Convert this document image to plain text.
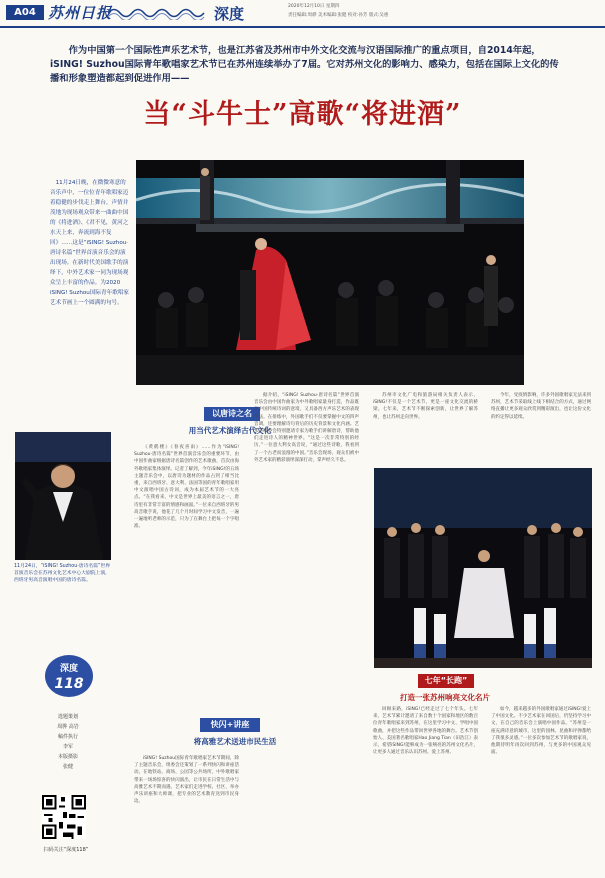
A04 苏州日报	深度	2020年12月10日 星期四
责任编辑:周骅 美术编辑:张健 校对:孙芳 版式:吴惠
作为中国第一个国际性声乐艺术节，也是江苏省及苏州市中外文化交流与汉语国际推广的重点项目，自2014年起，iSING! Suzhou国际青年歌唱家艺术节已在苏州连续举办了7届。它对苏州文化的影响力、感染力，包括在国际上文化的传播和形象塑造都起到促进作用——
当“斗牛士”高歌“将进酒”
11月24日晚，在微微寒意的音乐声中，一位位青年歌唱家迈着稳健的步伐走上舞台，声情并茂地为现场观众带来一曲曲中国的《将进酒》、《君不见，黄河之水天上来，奔流到海不复回》……这是“iSING! Suzhou·唐诗名篇”世界首演音乐会的演出现场。在新时代美国歌手的演绎下，中外艺术家一同为现场观众呈上丰富的作品。为2020 iSING! Suzhou国际青年歌唱家艺术节画上一个圆满的句号。
11月24日，“iSING! Suzhou·唐诗名篇”世界首演音乐会在苏州文化艺术中心大剧院上演，西班牙男高音演唱中国的唐诗名篇。
深度
118
选题策划
周骅 高岩
稿件执行
李军
本版摄影
张健
扫码关注“深度118”
以唐诗之名
用当代艺术演绎古代文化
快闪+讲座
将高雅艺术送进市民生活
七年“长跑”
打造一张苏州响亮文化名片

《黄鹤楼》《春夜喜雨》……作为“iSING! Suzhou·唐诗名篇”世界首演音乐会的重要环节，由中国作曲家根据唐诗名篇创作的艺术歌曲，首次由海外歌唱家集体演绎。记者了解到，今年iSING!的五场主题音乐会中，以唐诗为题材的作品占到了相当比重，来自西班牙、意大利、法国等国的青年歌唱家用中文演唱中国古诗词，成为本届艺术节的一大亮点。“在我看来，中文是世界上最美的语言之一，唐诗里有非常丰富的情感和画面。”一位来自西班牙的男高音歌手说，他花了几个月时间学习中文发音，一遍一遍地听老师的示范，只为了在舞台上把每一个字唱准。

据介绍，“iSING! Suzhou·唐诗名篇”世界首演音乐会由中国作曲家为中外歌唱家量身打造，作品既有中国传统诗词的意境，又具备西方声乐艺术的表现手法。在排练中，外国歌手们不仅要掌握中文的四声音调，还要理解诗句背后的历史背景和文化内涵。艺术节组委会特别邀请专家为歌手们讲解唐诗，帮助他们走进诗人的精神世界。“这是一次非常特别的经历，”一位意大利女高音说，“通过这些诗歌，我看到了一个古老而浪漫的中国。”音乐会现场，观众们被中外艺术家的精彩演绎深深打动，掌声经久不息。

苏州市文化广电和旅游局相关负责人表示，iSING!不仅是一个艺术节，更是一座文化交流的桥梁。七年来，艺术节不断探索创新，让世界了解苏州，也让苏州走向世界。

今年，受疫情影响，许多外国歌唱家无法来到苏州，艺术节采取线上线下相结合的方式，通过网络直播让更多观众欣赏到精彩演出，也让这份文化的约定得以延续。

iSING! Suzhou国际青年歌唱家艺术节期间，除了主题音乐会，组委会还策划了一系列快闪和讲座活动。在地铁站、商场、公园等公共场所，中外歌唱家带来一场场惊喜的快闪演出，让市民在日常生活中与高雅艺术不期而遇。艺术家们走进学校、社区，举办声乐讲座和大师课，把专业的艺术教育送到市民身边。

回顾来路，iSING!已经走过了七个年头。七年来，艺术节累计邀请了来自数十个国家和地区的数百位青年歌唱家来到苏州，在这里学习中文、学唱中国歌曲，并把这些作品带回世界各地的舞台。艺术节创始人、美国著名歌唱家Hao Jiang Tian（田浩江）表示，希望iSING!能够成为一张响亮的苏州文化名片，让更多人通过音乐认识苏州、爱上苏州。

如今，越来越多的外国歌唱家通过iSING!爱上了中国文化。不少艺术家在回国后，仍坚持学习中文，在自己的音乐会上演唱中国作品。“苏州是一座充满诗意的城市，这里的园林、昆曲和评弹都给了我很多灵感。”一位多次参加艺术节的歌唱家说，他期待明年再次回到苏州，与更多的中国观众见面。
